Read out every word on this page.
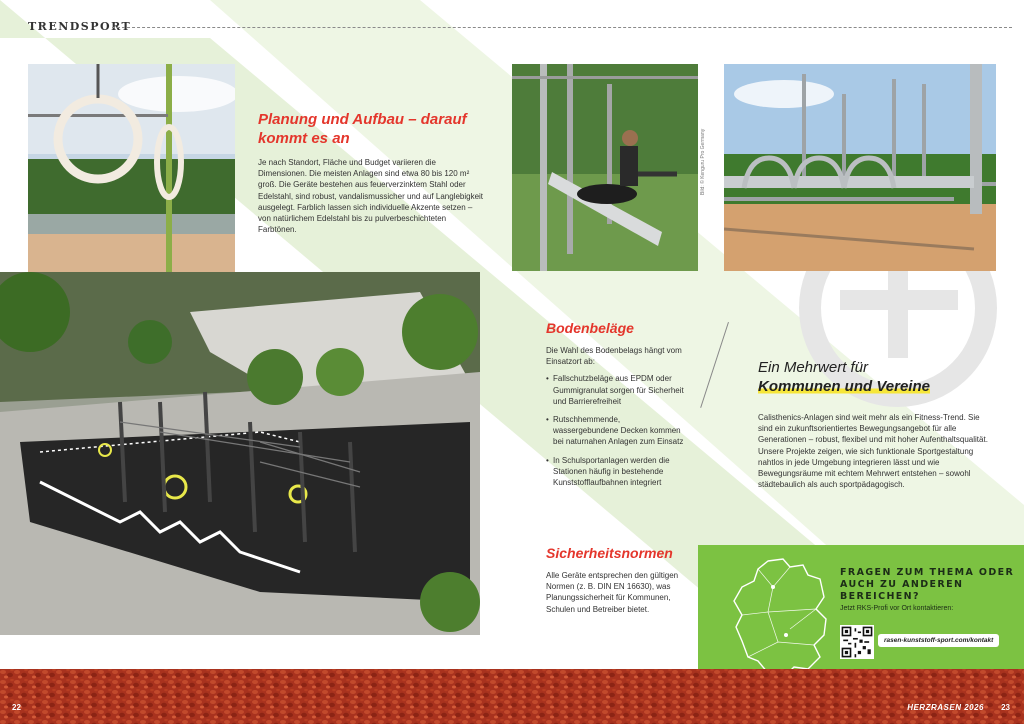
TRENDSPORT
Bild: © Kenguru Pro Germany
Planung und Aufbau – darauf
kommt es an
Je nach Standort, Fläche und Budget variieren die Dimensionen. Die meisten Anlagen sind etwa 80 bis 120 m² groß. Die Geräte bestehen aus feuerverzinktem Stahl oder Edelstahl, sind robust, vandalismussicher und auf Langlebigkeit ausgelegt. Farblich lassen sich individuelle Akzente setzen – von natürlichem Edelstahl bis zu pulverbeschichteten Farbtönen.
Bodenbeläge

Die Wahl des Bodenbelags hängt vom Einsatzort ab:

• Fallschutzbeläge aus EPDM oder Gummigranulat sorgen für Sicherheit und Barrierefreiheit
• Rutschhemmende, wassergebundene Decken kommen bei naturnahen Anlagen zum Einsatz
• In Schulsportanlagen werden die Stationen häufig in bestehende Kunststofflaufbahnen integriert
Sicherheitsnormen
Alle Geräte entsprechen den gültigen Normen (z. B. DIN EN 16630), was Planungssicherheit für Kommunen, Schulen und Betreiber bietet.
Ein Mehrwert für
Kommunen und Vereine
Calisthenics-Anlagen sind weit mehr als ein Fitness-Trend. Sie sind ein zukunftsorientiertes Bewegungsangebot für alle Generationen – robust, flexibel und mit hoher Aufenthaltsqualität. Unsere Projekte zeigen, wie sich funktionale Sportgestaltung nahtlos in jede Umgebung integrieren lässt und wie Bewegungsräume mit echtem Mehrwert entstehen – sowohl städtebaulich als auch sportpädagogisch.
FRAGEN ZUM THEMA ODER AUCH ZU ANDEREN BEREICHEN?
Jetzt RKS-Profi vor Ort kontaktieren:
rasen-kunststoff-sport.com/kontakt
22	HERZRASEN 2026 23
